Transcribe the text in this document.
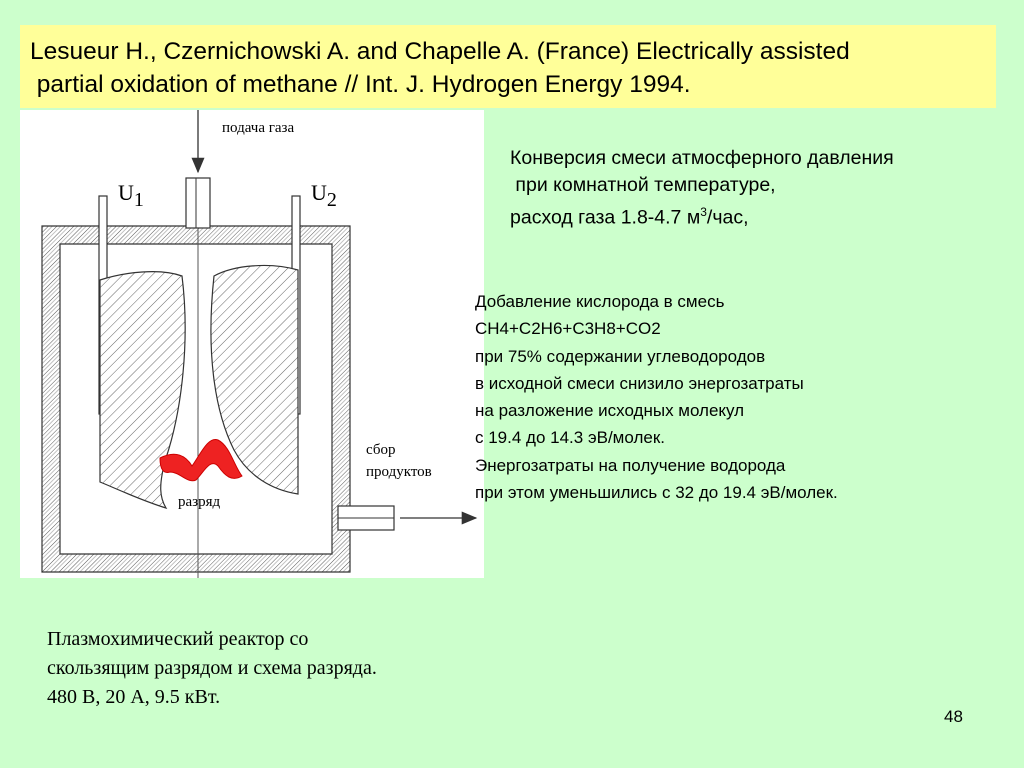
Lesueur H., Czernichowski A. and Chapelle A. (France) Electrically assisted
partial oxidation of methane // Int. J. Hydrogen Energy 1994.
подача газа
U1	U2
сбор
продуктов
разряд
Конверсия смеси атмосферного давления
при комнатной температуре,
расход газа 1.8-4.7 $м^3$/час,
Добавление кислорода в смесь
CH4+C2H6+C3H8+CO2
при 75% содержании углеводородов
в исходной смеси снизило энергозатраты
на разложение исходных молекул
с 19.4 до 14.3 эВ/молек.
Энергозатраты на получение водорода
при этом уменьшились с 32 до 19.4 эВ/молек.
Плазмохимический реактор со
скользящим разрядом и схема разряда.
480 В, 20 А, 9.5 кВт.
48
